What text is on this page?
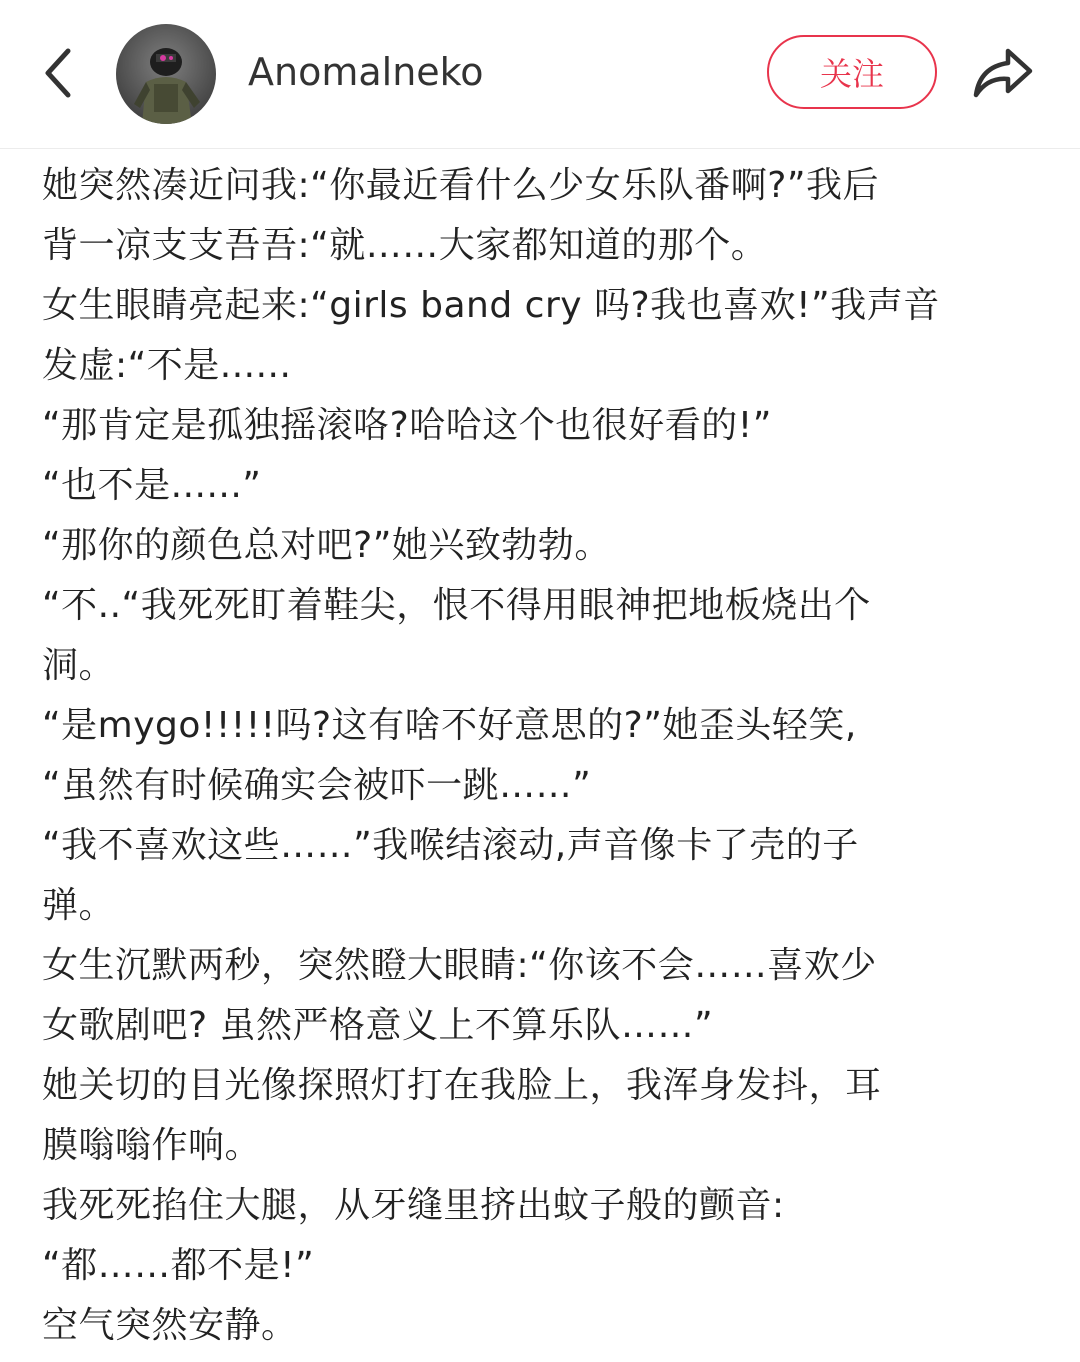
Anomalneko	关注

她突然凑近问我:“你最近看什么少女乐队番啊?”我后

背一凉支支吾吾:“就……大家都知道的那个。

女生眼睛亮起来:“girls band cry 吗?我也喜欢!”我声音

发虚:“不是......

“那肯定是孤独摇滚咯?哈哈这个也很好看的!”

“也不是......”

“那你的颜色总对吧?”她兴致勃勃。

“不..“我死死盯着鞋尖，恨不得用眼神把地板烧出个

洞。

“是mygo!!!!!吗?这有啥不好意思的?”她歪头轻笑,

“虽然有时候确实会被吓一跳……”

“我不喜欢这些……”我喉结滚动,声音像卡了壳的子

弹。

女生沉默两秒，突然瞪大眼睛:“你该不会……喜欢少

女歌剧吧? 虽然严格意义上不算乐队……”

她关切的目光像探照灯打在我脸上，我浑身发抖，耳

膜嗡嗡作响。

我死死掐住大腿，从牙缝里挤出蚊子般的颤音:

“都……都不是!”

空气突然安静。
